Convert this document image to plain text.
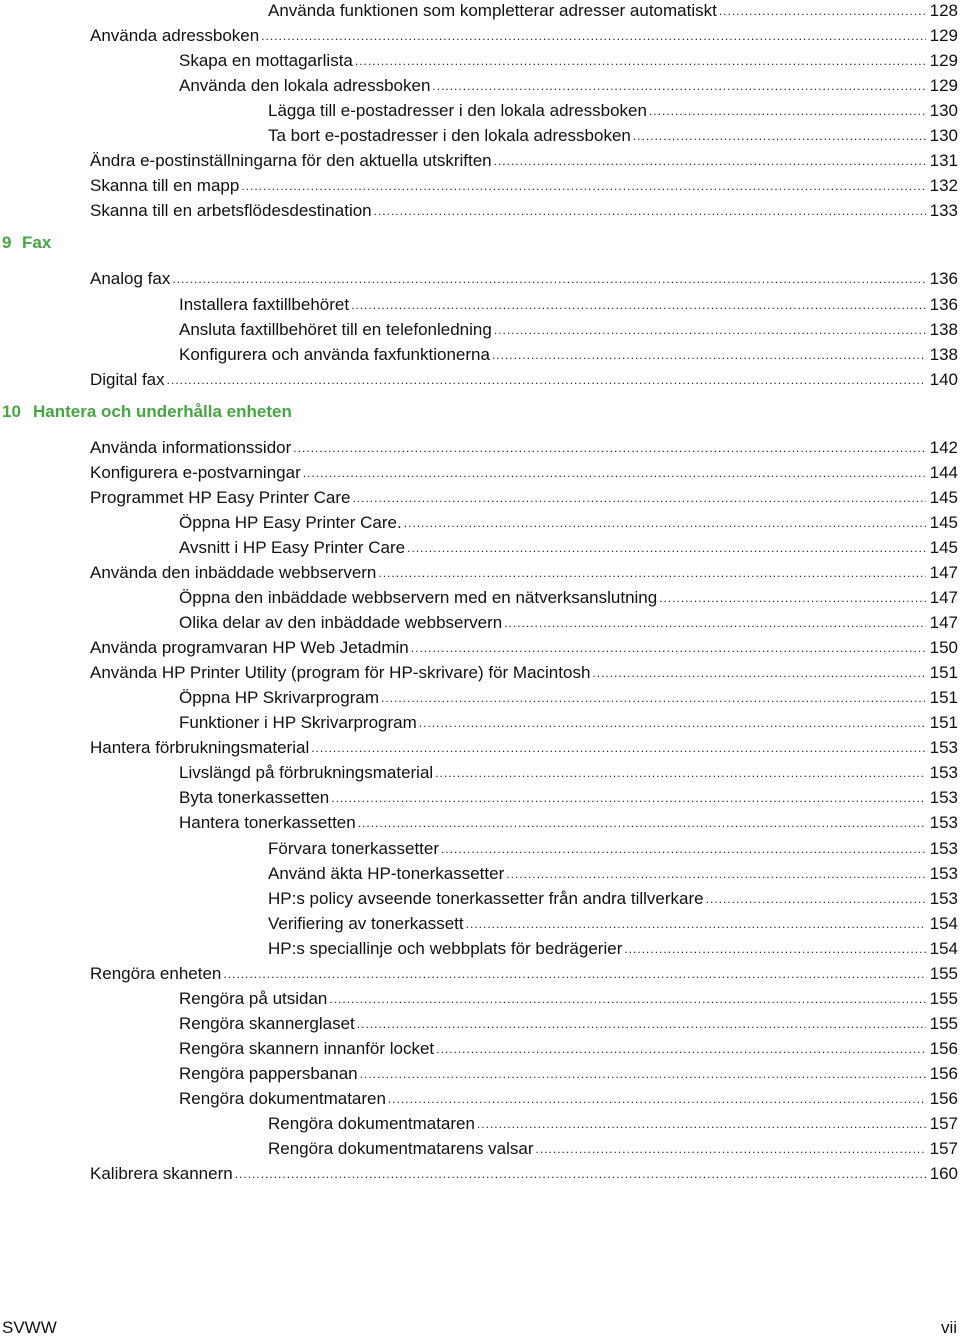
Använda funktionen som kompletterar adresser automatiskt .....	128
Använda adressboken .....	129
Skapa en mottagarlista .....	129
Använda den lokala adressboken .....	129
Lägga till e-postadresser i den lokala adressboken .....	130
Ta bort e-postadresser i den lokala adressboken .....	130
Ändra e-postinställningarna för den aktuella utskriften .....	131
Skanna till en mapp .....	132
Skanna till en arbetsflödesdestination .....	133
9 Fax
Analog fax .....	136
Installera faxtillbehöret .....	136
Ansluta faxtillbehöret till en telefonledning .....	138
Konfigurera och använda faxfunktionerna .....	138
Digital fax .....	140
10 Hantera och underhålla enheten
Använda informationssidor .....	142
Konfigurera e-postvarningar .....	144
Programmet HP Easy Printer Care .....	145
Öppna HP Easy Printer Care. .....	145
Avsnitt i HP Easy Printer Care .....	145
Använda den inbäddade webbservern .....	147
Öppna den inbäddade webbservern med en nätverksanslutning .....	147
Olika delar av den inbäddade webbservern .....	147
Använda programvaran HP Web Jetadmin .....	150
Använda HP Printer Utility (program för HP-skrivare) för Macintosh .....	151
Öppna HP Skrivarprogram .....	151
Funktioner i HP Skrivarprogram .....	151
Hantera förbrukningsmaterial .....	153
Livslängd på förbrukningsmaterial .....	153
Byta tonerkassetten .....	153
Hantera tonerkassetten .....	153
Förvara tonerkassetter .....	153
Använd äkta HP-tonerkassetter .....	153
HP:s policy avseende tonerkassetter från andra tillverkare .....	153
Verifiering av tonerkassett .....	154
HP:s speciallinje och webbplats för bedrägerier .....	154
Rengöra enheten .....	155
Rengöra på utsidan .....	155
Rengöra skannerglaset .....	155
Rengöra skannern innanför locket .....	156
Rengöra pappersbanan .....	156
Rengöra dokumentmataren .....	156
Rengöra dokumentmataren .....	157
Rengöra dokumentmatarens valsar .....	157
Kalibrera skannern .....	160
SVWW	vii
